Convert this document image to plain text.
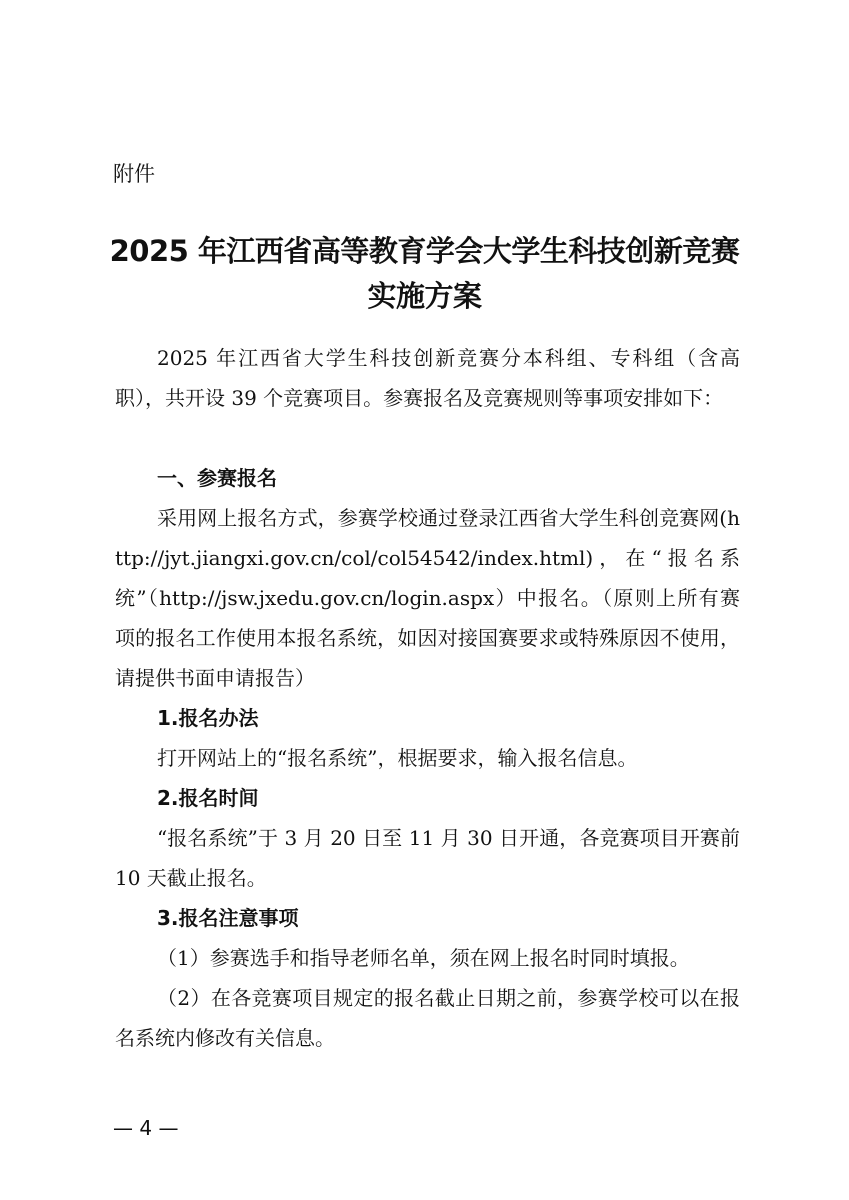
附件
2025 年江西省高等教育学会大学生科技创新竞赛
实施方案
2025 年江西省大学生科技创新竞赛分本科组、专科组（含高职），共开设 39 个竞赛项目。参赛报名及竞赛规则等事项安排如下：
一、参赛报名
采用网上报名方式，参赛学校通过登录江西省大学生科创竞赛网(http://jyt.jiangxi.gov.cn/col/col54542/index.html)，在“报名系统”（http://jsw.jxedu.gov.cn/login.aspx）中报名。（原则上所有赛项的报名工作使用本报名系统，如因对接国赛要求或特殊原因不使用，请提供书面申请报告）
1.报名办法
打开网站上的“报名系统”，根据要求，输入报名信息。
2.报名时间
“报名系统”于 3 月 20 日至 11 月 30 日开通，各竞赛项目开赛前 10 天截止报名。
3.报名注意事项
（1）参赛选手和指导老师名单，须在网上报名时同时填报。
（2）在各竞赛项目规定的报名截止日期之前，参赛学校可以在报名系统内修改有关信息。
— 4 —
